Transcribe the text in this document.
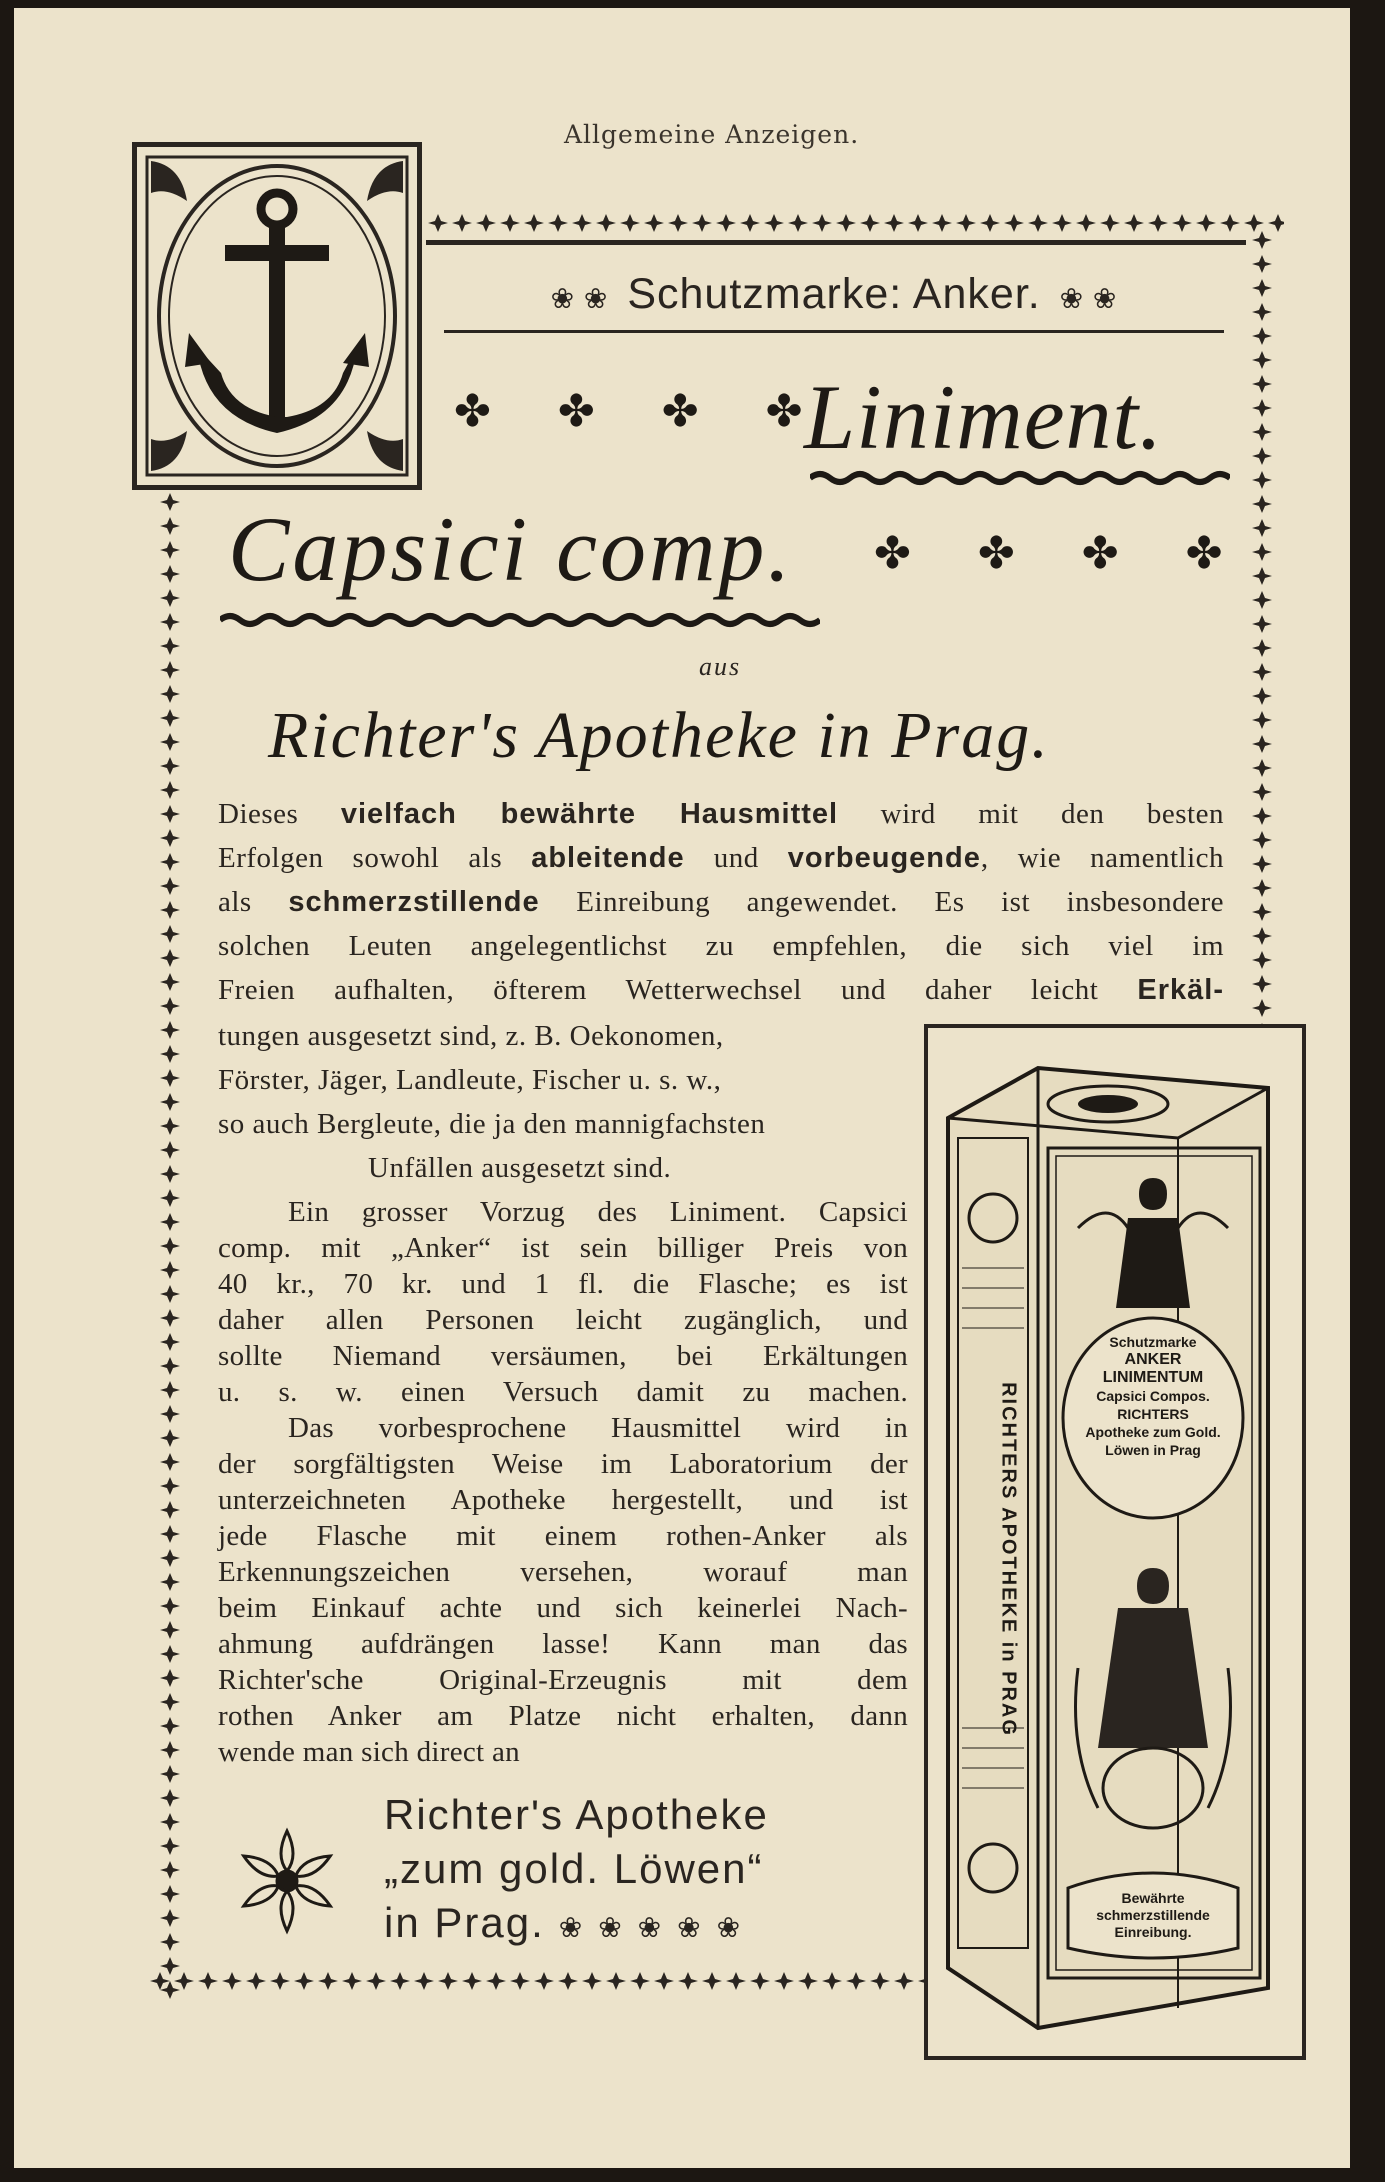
Allgemeine Anzeigen.
❀ ❀ Schutzmarke: Anker. ❀ ❀
✤ ✤ ✤ ✤
Liniment.
Capsici comp. ✤ ✤ ✤ ✤
aus
Richter's Apotheke in Prag.

Dieses vielfach bewährte Hausmittel wird mit den besten

Erfolgen sowohl als ableitende und vorbeugende, wie namentlich

als schmerzstillende Einreibung angewendet. Es ist insbesondere

solchen Leuten angelegentlichst zu empfehlen, die sich viel im

Freien aufhalten, öfterem Wetterwechsel und daher leicht Erkäl-

tungen ausgesetzt sind, z. B. Oekonomen,

Förster, Jäger, Landleute, Fischer u. s. w.,

so auch Bergleute, die ja den mannigfachsten

Unfällen ausgesetzt sind.

Ein grosser Vorzug des Liniment. Capsici

comp. mit „Anker“ ist sein billiger Preis von

40 kr., 70 kr. und 1 fl. die Flasche; es ist

daher allen Personen leicht zugänglich, und

sollte Niemand versäumen, bei Erkältungen

u. s. w. einen Versuch damit zu machen.

Das vorbesprochene Hausmittel wird in

der sorgfältigsten Weise im Laboratorium der

unterzeichneten Apotheke hergestellt, und ist

jede Flasche mit einem rothen-Anker als

Erkennungszeichen versehen, worauf man

beim Einkauf achte und sich keinerlei Nach-

ahmung aufdrängen lasse! Kann man das

Richter'sche Original-Erzeugnis mit dem

rothen Anker am Platze nicht erhalten, dann

wende man sich direct an

Richter's Apotheke
„zum gold. Löwen“
in Prag. ❀❀❀❀❀
RICHTERS APOTHEKE in PRAG
Schutzmarke
ANKER
LINIMENTUM
Capsici Compos.
RICHTERS
Apotheke zum Gold.
Löwen in Prag
Bewährte
schmerzstillende
Einreibung.
